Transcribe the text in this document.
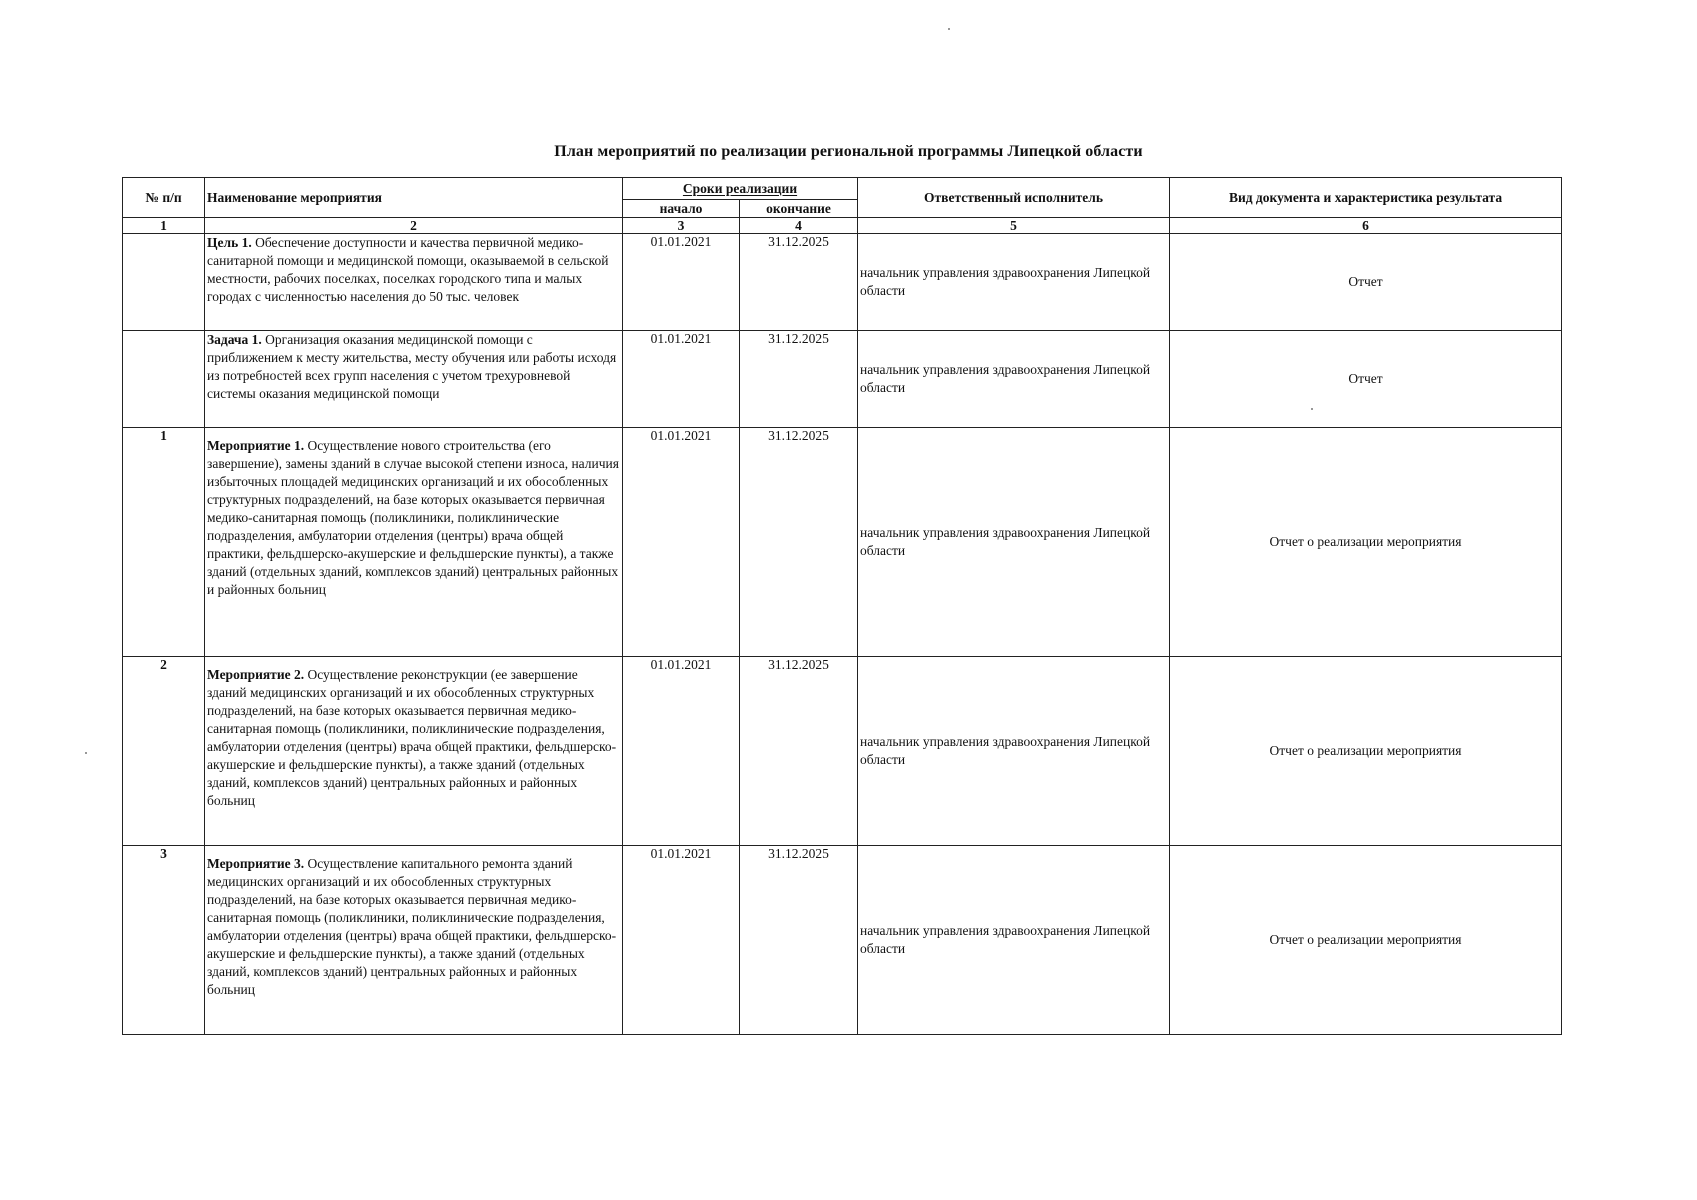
План мероприятий по реализации региональной программы Липецкой области
№ п/п	Наименование мероприятия	Сроки реализации		Ответственный исполнитель	Вид документа и характеристика результата
		начало	окончание		
1	2	3	4	5	6
	Цель 1. Обеспечение доступности и качества первичной медико-санитарной помощи и медицинской помощи, оказываемой в сельской местности, рабочих поселках, поселках городского типа и малых городах с численностью населения до 50 тыс. человек	01.01.2021	31.12.2025	начальник управления здравоохранения Липецкой области	Отчет
	Задача 1. Организация оказания медицинской помощи с приближением к месту жительства, месту обучения или работы исходя из потребностей всех групп населения с учетом трехуровневой системы оказания медицинской помощи	01.01.2021	31.12.2025	начальник управления здравоохранения Липецкой области	Отчет
1	Мероприятие 1. Осуществление нового строительства (его завершение), замены зданий в случае высокой степени износа, наличия избыточных площадей медицинских организаций и их обособленных структурных подразделений, на базе которых оказывается первичная медико-санитарная помощь (поликлиники, поликлинические подразделения, амбулатории отделения (центры) врача общей практики, фельдшерско-акушерские и фельдшерские пункты), а также зданий (отдельных зданий, комплексов зданий) центральных районных и районных больниц	01.01.2021	31.12.2025	начальник управления здравоохранения Липецкой области	Отчет о реализации мероприятия
2	Мероприятие 2. Осуществление реконструкции (ее завершение зданий медицинских организаций и их обособленных структурных подразделений, на базе которых оказывается первичная медико-санитарная помощь (поликлиники, поликлинические подразделения, амбулатории отделения (центры) врача общей практики, фельдшерско-акушерские и фельдшерские пункты), а также зданий (отдельных зданий, комплексов зданий) центральных районных и районных больниц	01.01.2021	31.12.2025	начальник управления здравоохранения Липецкой области	Отчет о реализации мероприятия
3	Мероприятие 3. Осуществление капитального ремонта зданий медицинских организаций и их обособленных структурных подразделений, на базе которых оказывается первичная медико-санитарная помощь (поликлиники, поликлинические подразделения, амбулатории отделения (центры) врача общей практики, фельдшерско-акушерские и фельдшерские пункты), а также зданий (отдельных зданий, комплексов зданий) центральных районных и районных больниц	01.01.2021	31.12.2025	начальник управления здравоохранения Липецкой области	Отчет о реализации мероприятия
